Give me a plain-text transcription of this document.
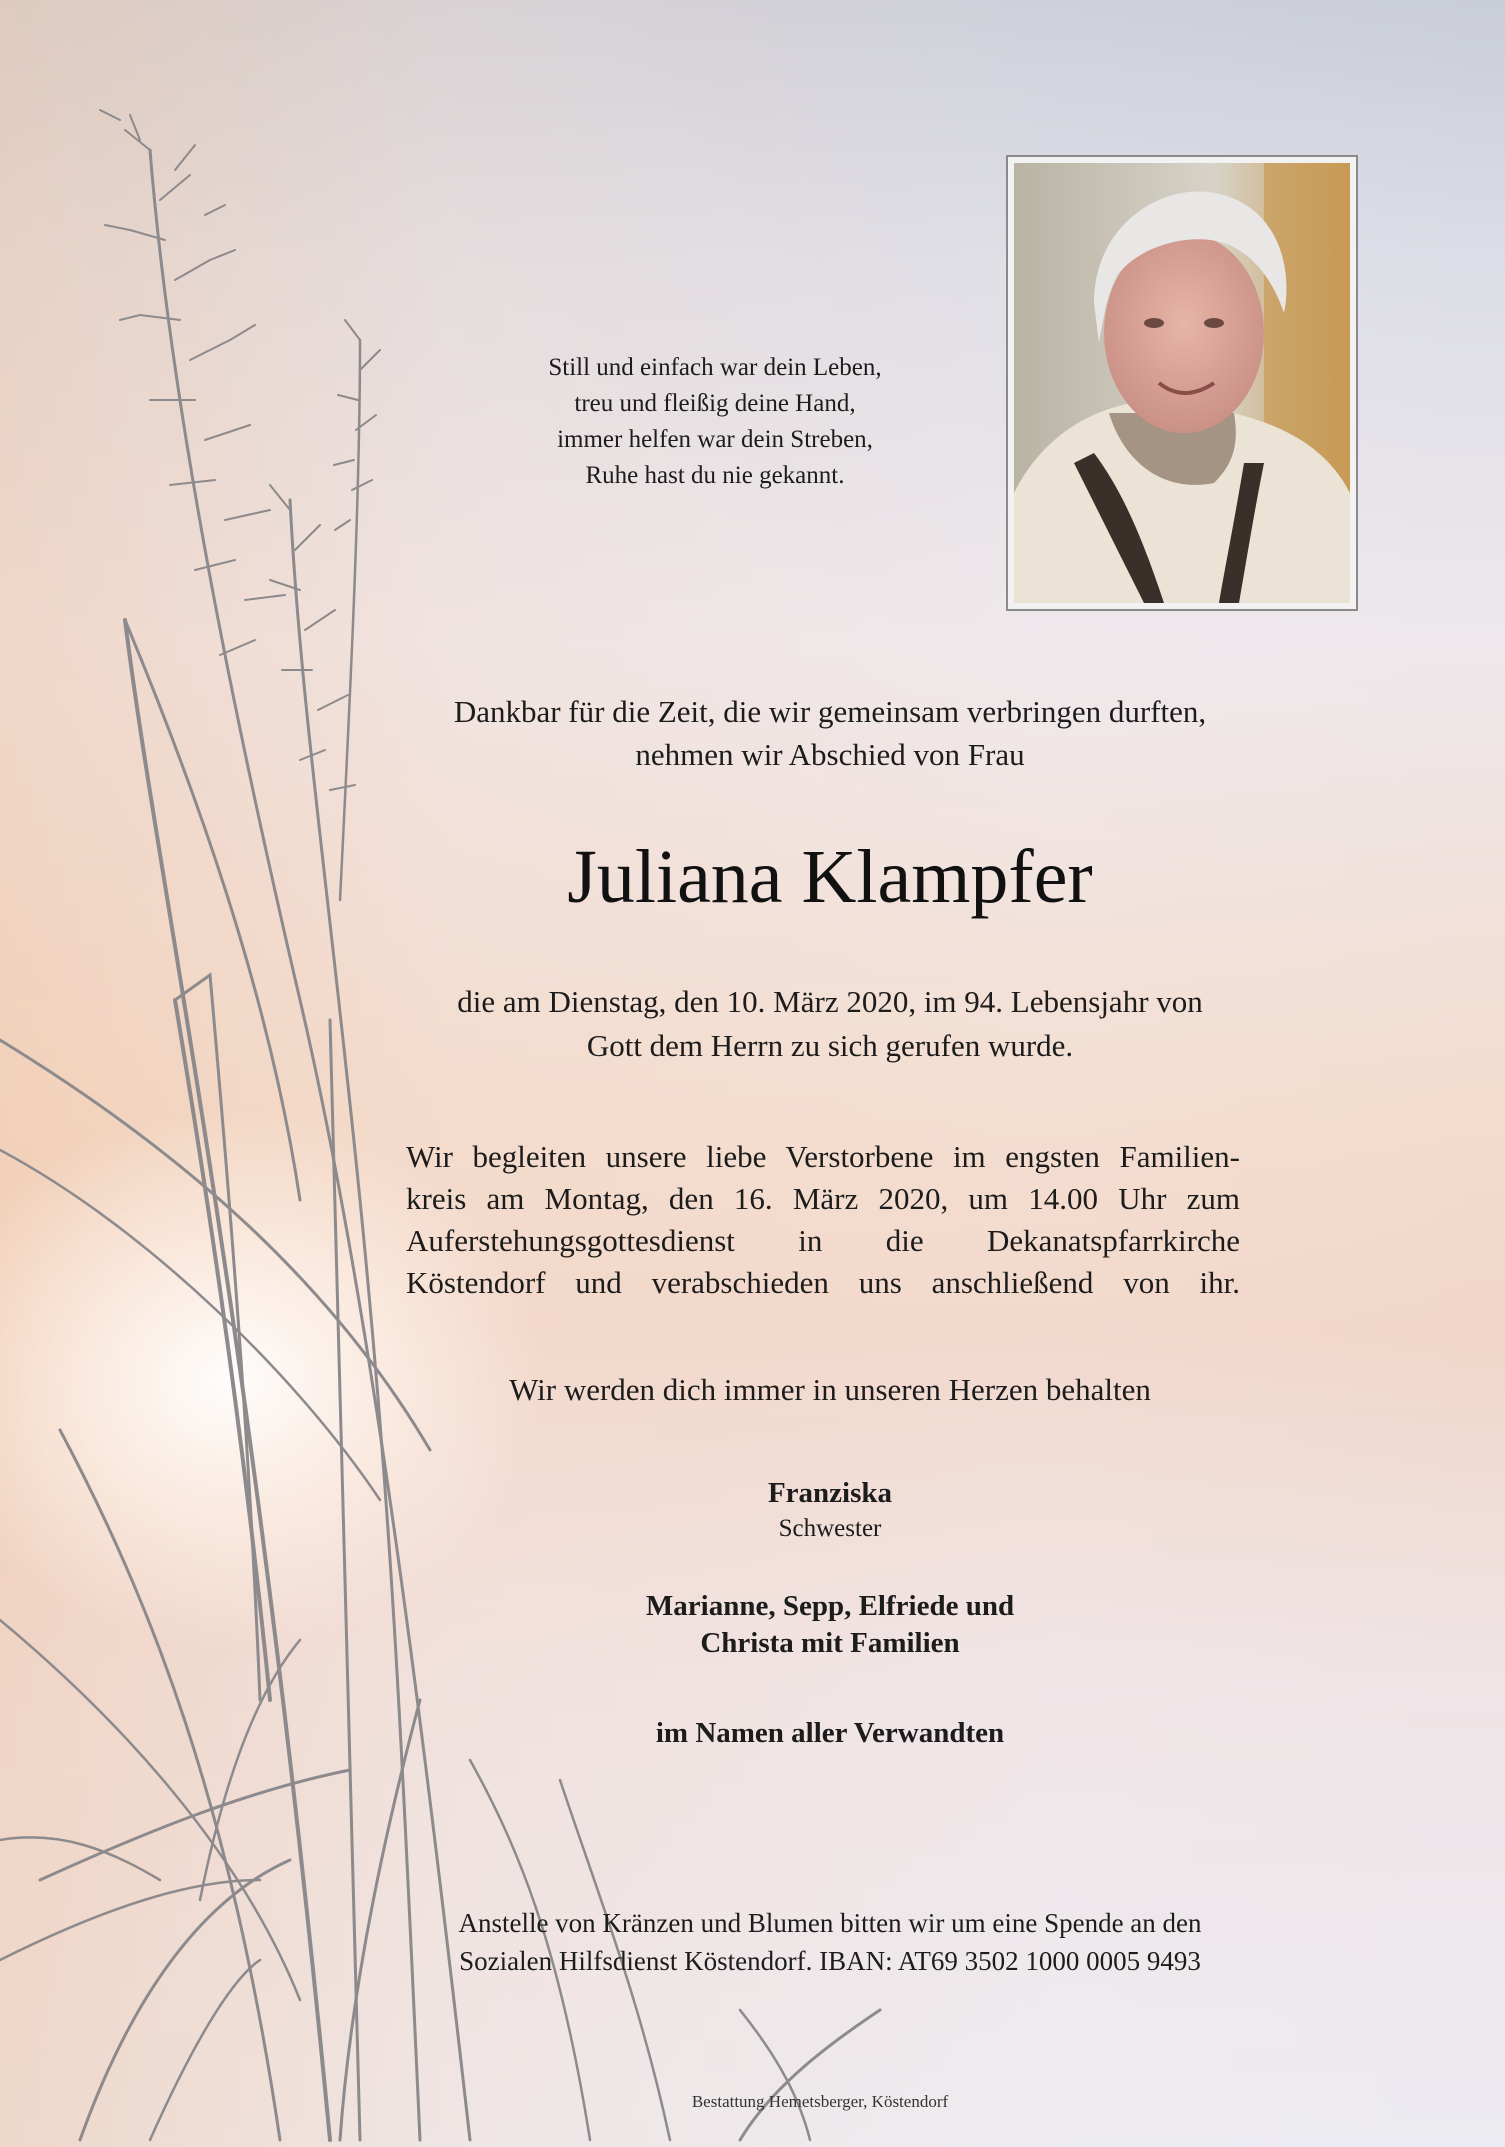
Still und einfach war dein Leben,
treu und fleißig deine Hand,
immer helfen war dein Streben,
Ruhe hast du nie gekannt.
Dankbar für die Zeit, die wir gemeinsam verbringen durften,
nehmen wir Abschied von Frau
Juliana Klampfer
die am Dienstag, den 10. März 2020, im 94. Lebensjahr von
Gott dem Herrn zu sich gerufen wurde.
Wir begleiten unsere liebe Verstorbene im engsten Familien-
kreis am Montag, den 16. März 2020, um 14.00 Uhr zum
Auferstehungsgottesdienst in die Dekanatspfarrkirche
Köstendorf und verabschieden uns anschließend von ihr.
Wir werden dich immer in unseren Herzen behalten
Franziska
Schwester
Marianne, Sepp, Elfriede und
Christa mit Familien
im Namen aller Verwandten
Anstelle von Kränzen und Blumen bitten wir um eine Spende an den
Sozialen Hilfsdienst Köstendorf. IBAN: AT69 3502 1000 0005 9493
Bestattung Hemetsberger, Köstendorf
